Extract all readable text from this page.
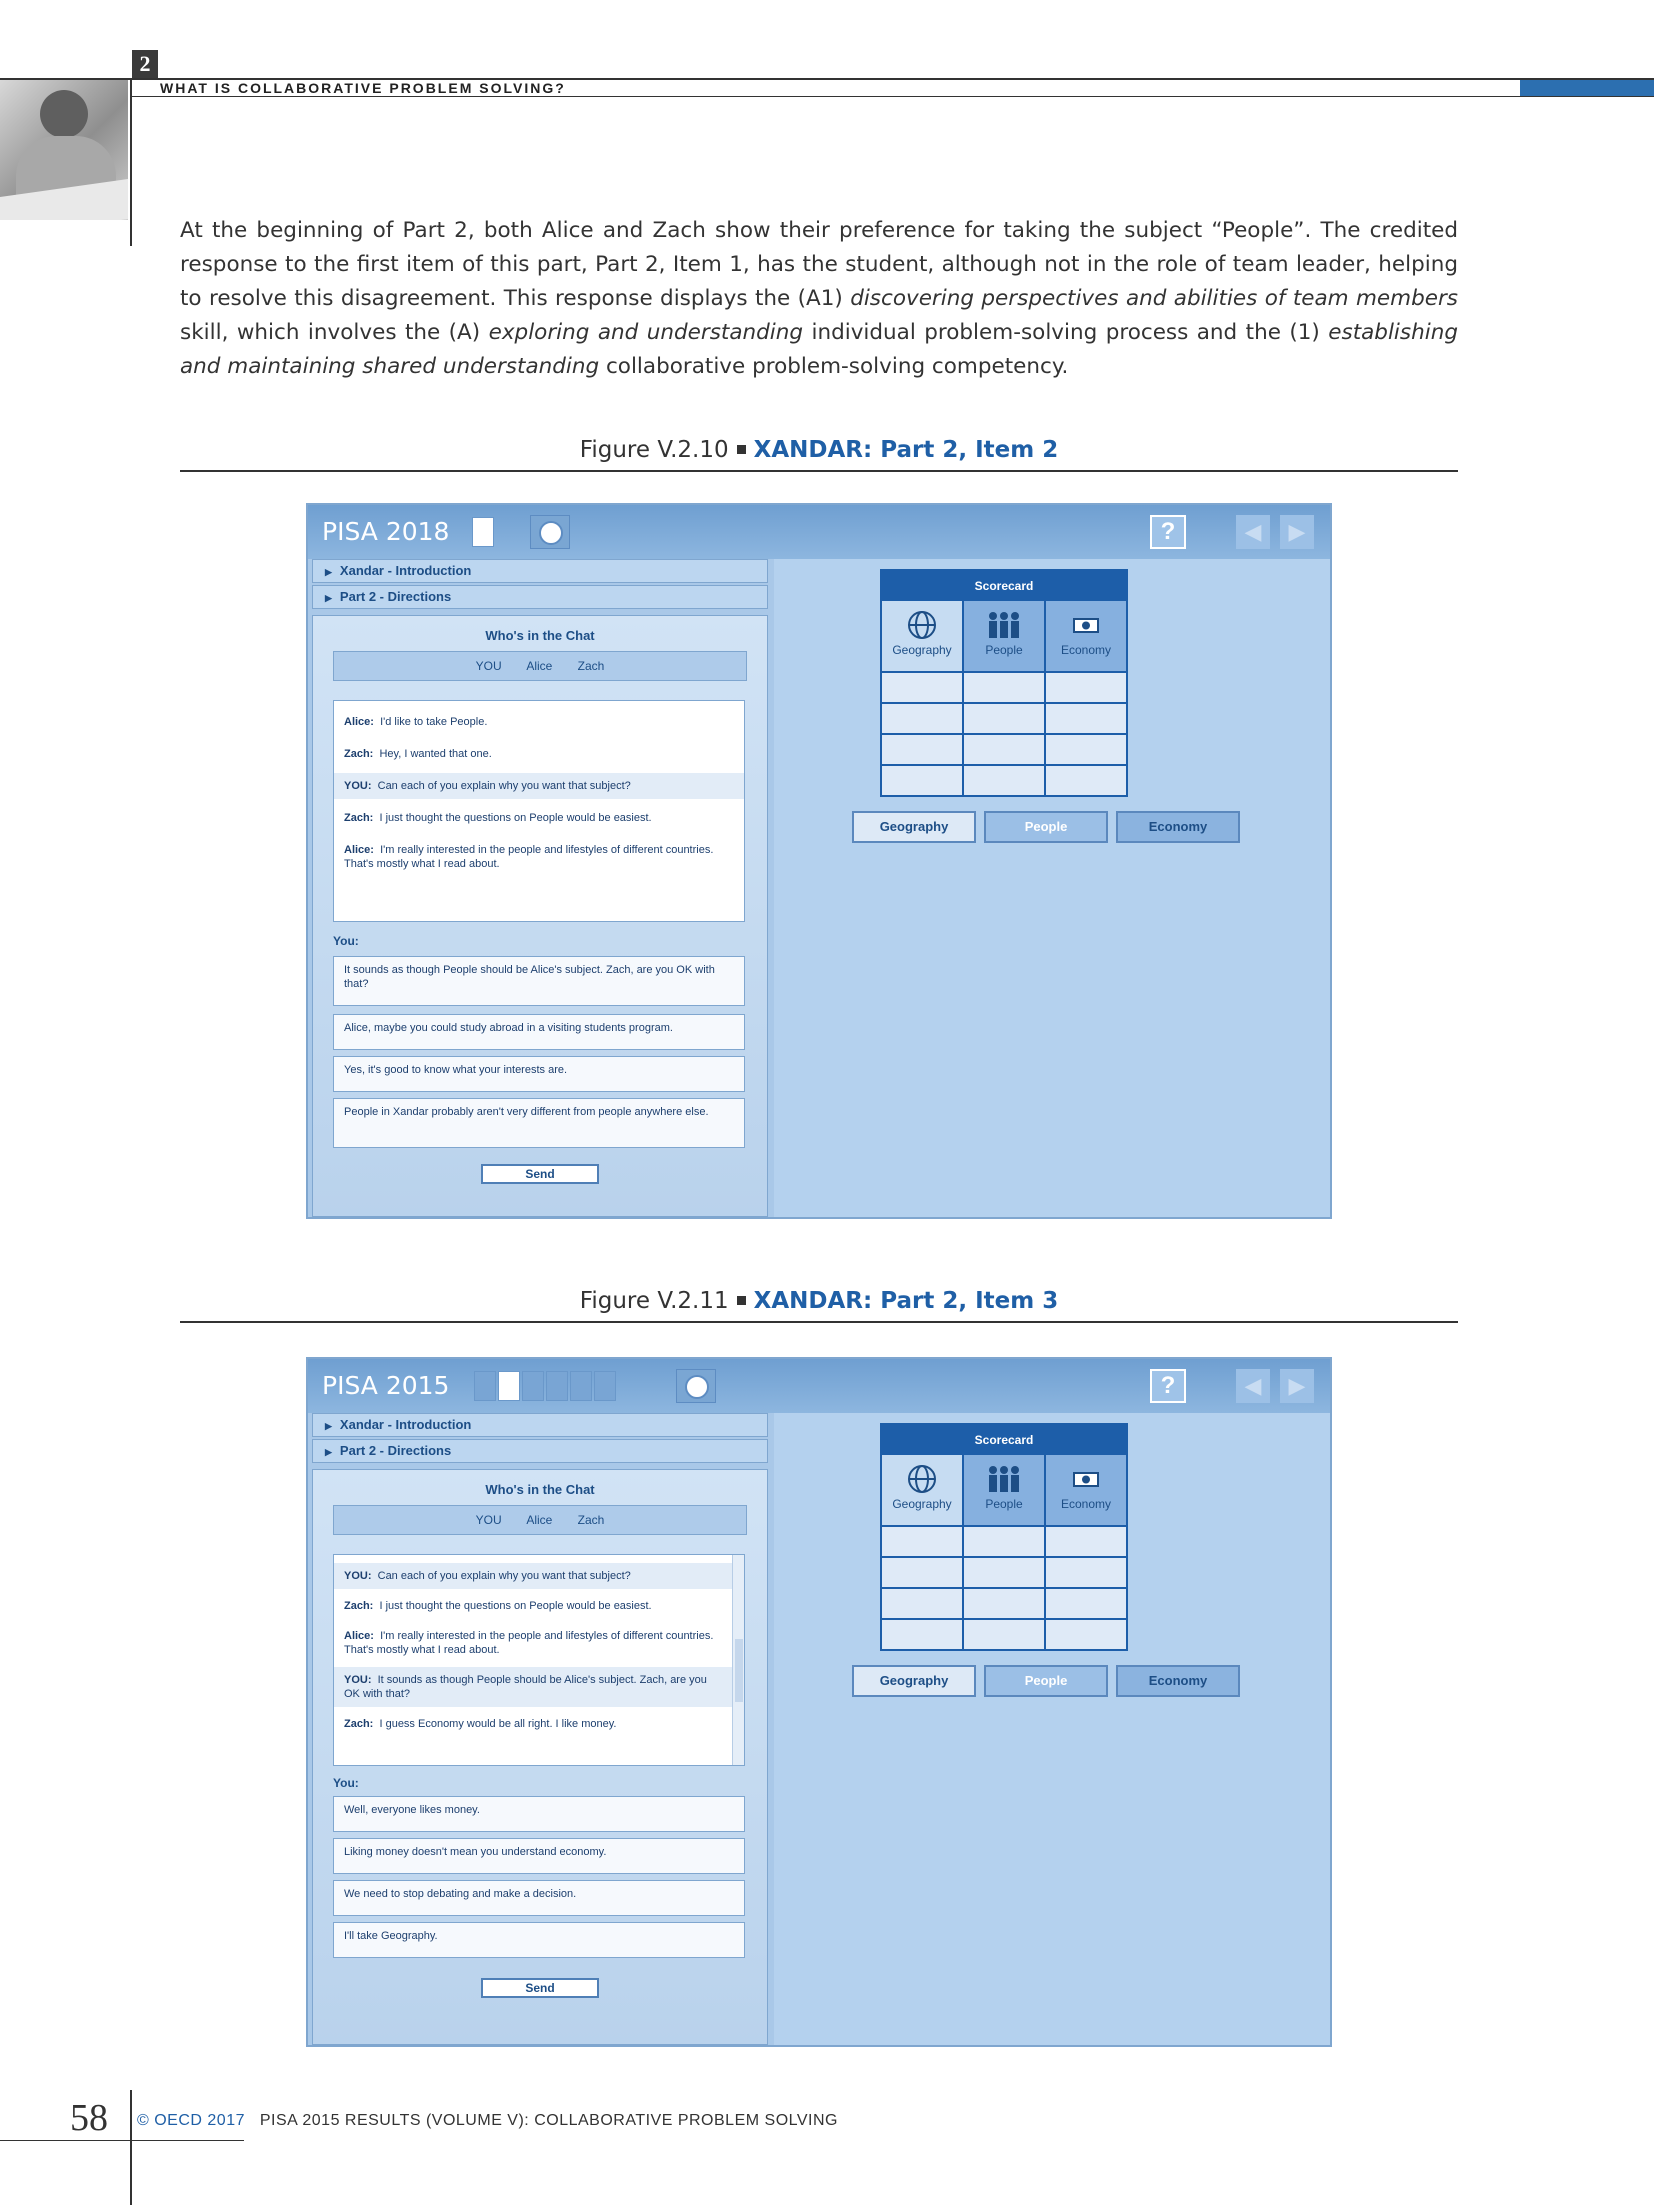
2
WHAT IS COLLABORATIVE PROBLEM SOLVING?

At the beginning of Part 2, both Alice and Zach show their preference for taking the subject “People”. The credited response to the first item of this part, Part 2, Item 1, has the student, although not in the role of team leader, helping to resolve this disagreement. This response displays the (A1) discovering perspectives and abilities of team members skill, which involves the (A) exploring and understanding individual problem-solving process and the (1) establishing and maintaining shared understanding collaborative problem-solving competency.

Figure V.2.10 XANDAR: Part 2, Item 2
PISA 2018	?	◀	▶
▶ Xandar - Introduction
▶ Part 2 - Directions
Who's in the Chat
YOU Alice Zach
Alice: I'd like to take People.
Zach: Hey, I wanted that one.
YOU: Can each of you explain why you want that subject?
Zach: I just thought the questions on People would be easiest.
Alice: I'm really interested in the people and lifestyles of different countries. That's mostly what I read about.
You:
It sounds as though People should be Alice's subject. Zach, are you OK with that?
Alice, maybe you could study abroad in a visiting students program.
Yes, it's good to know what your interests are.
People in Xandar probably aren't very different from people anywhere else.
Send
Scorecard
Geography	People	Economy
Geography	People	Economy
Figure V.2.11 XANDAR: Part 2, Item 3
PISA 2015	?	◀	▶
▶ Xandar - Introduction
▶ Part 2 - Directions
Who's in the Chat
YOU Alice Zach
YOU: Can each of you explain why you want that subject?
Zach: I just thought the questions on People would be easiest.
Alice: I'm really interested in the people and lifestyles of different countries. That's mostly what I read about.
YOU: It sounds as though People should be Alice's subject. Zach, are you OK with that?
Zach: I guess Economy would be all right. I like money.
You:
Well, everyone likes money.
Liking money doesn't mean you understand economy.
We need to stop debating and make a decision.
I'll take Geography.
Send
Scorecard
Geography	People	Economy
Geography	People	Economy
58 © OECD 2017 PISA 2015 RESULTS (VOLUME V): COLLABORATIVE PROBLEM SOLVING
